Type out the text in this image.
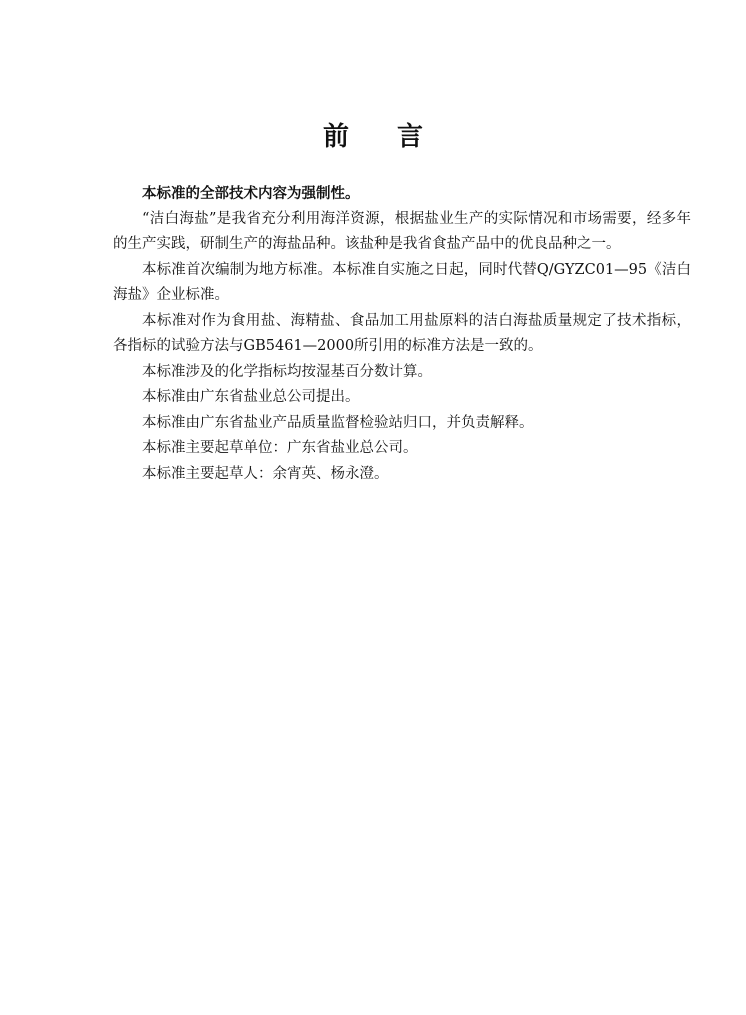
前 言

本标准的全部技术内容为强制性。

“洁白海盐”是我省充分利用海洋资源，根据盐业生产的实际情况和市场需要，经多年的生产实践，研制生产的海盐品种。该盐种是我省食盐产品中的优良品种之一。

本标准首次编制为地方标准。本标准自实施之日起，同时代替Q/GYZC01—95《洁白海盐》企业标准。

本标准对作为食用盐、海精盐、食品加工用盐原料的洁白海盐质量规定了技术指标，各指标的试验方法与GB5461—2000所引用的标准方法是一致的。

本标准涉及的化学指标均按湿基百分数计算。

本标准由广东省盐业总公司提出。

本标准由广东省盐业产品质量监督检验站归口，并负责解释。

本标准主要起草单位：广东省盐业总公司。

本标准主要起草人：余宵英、杨永澄。
